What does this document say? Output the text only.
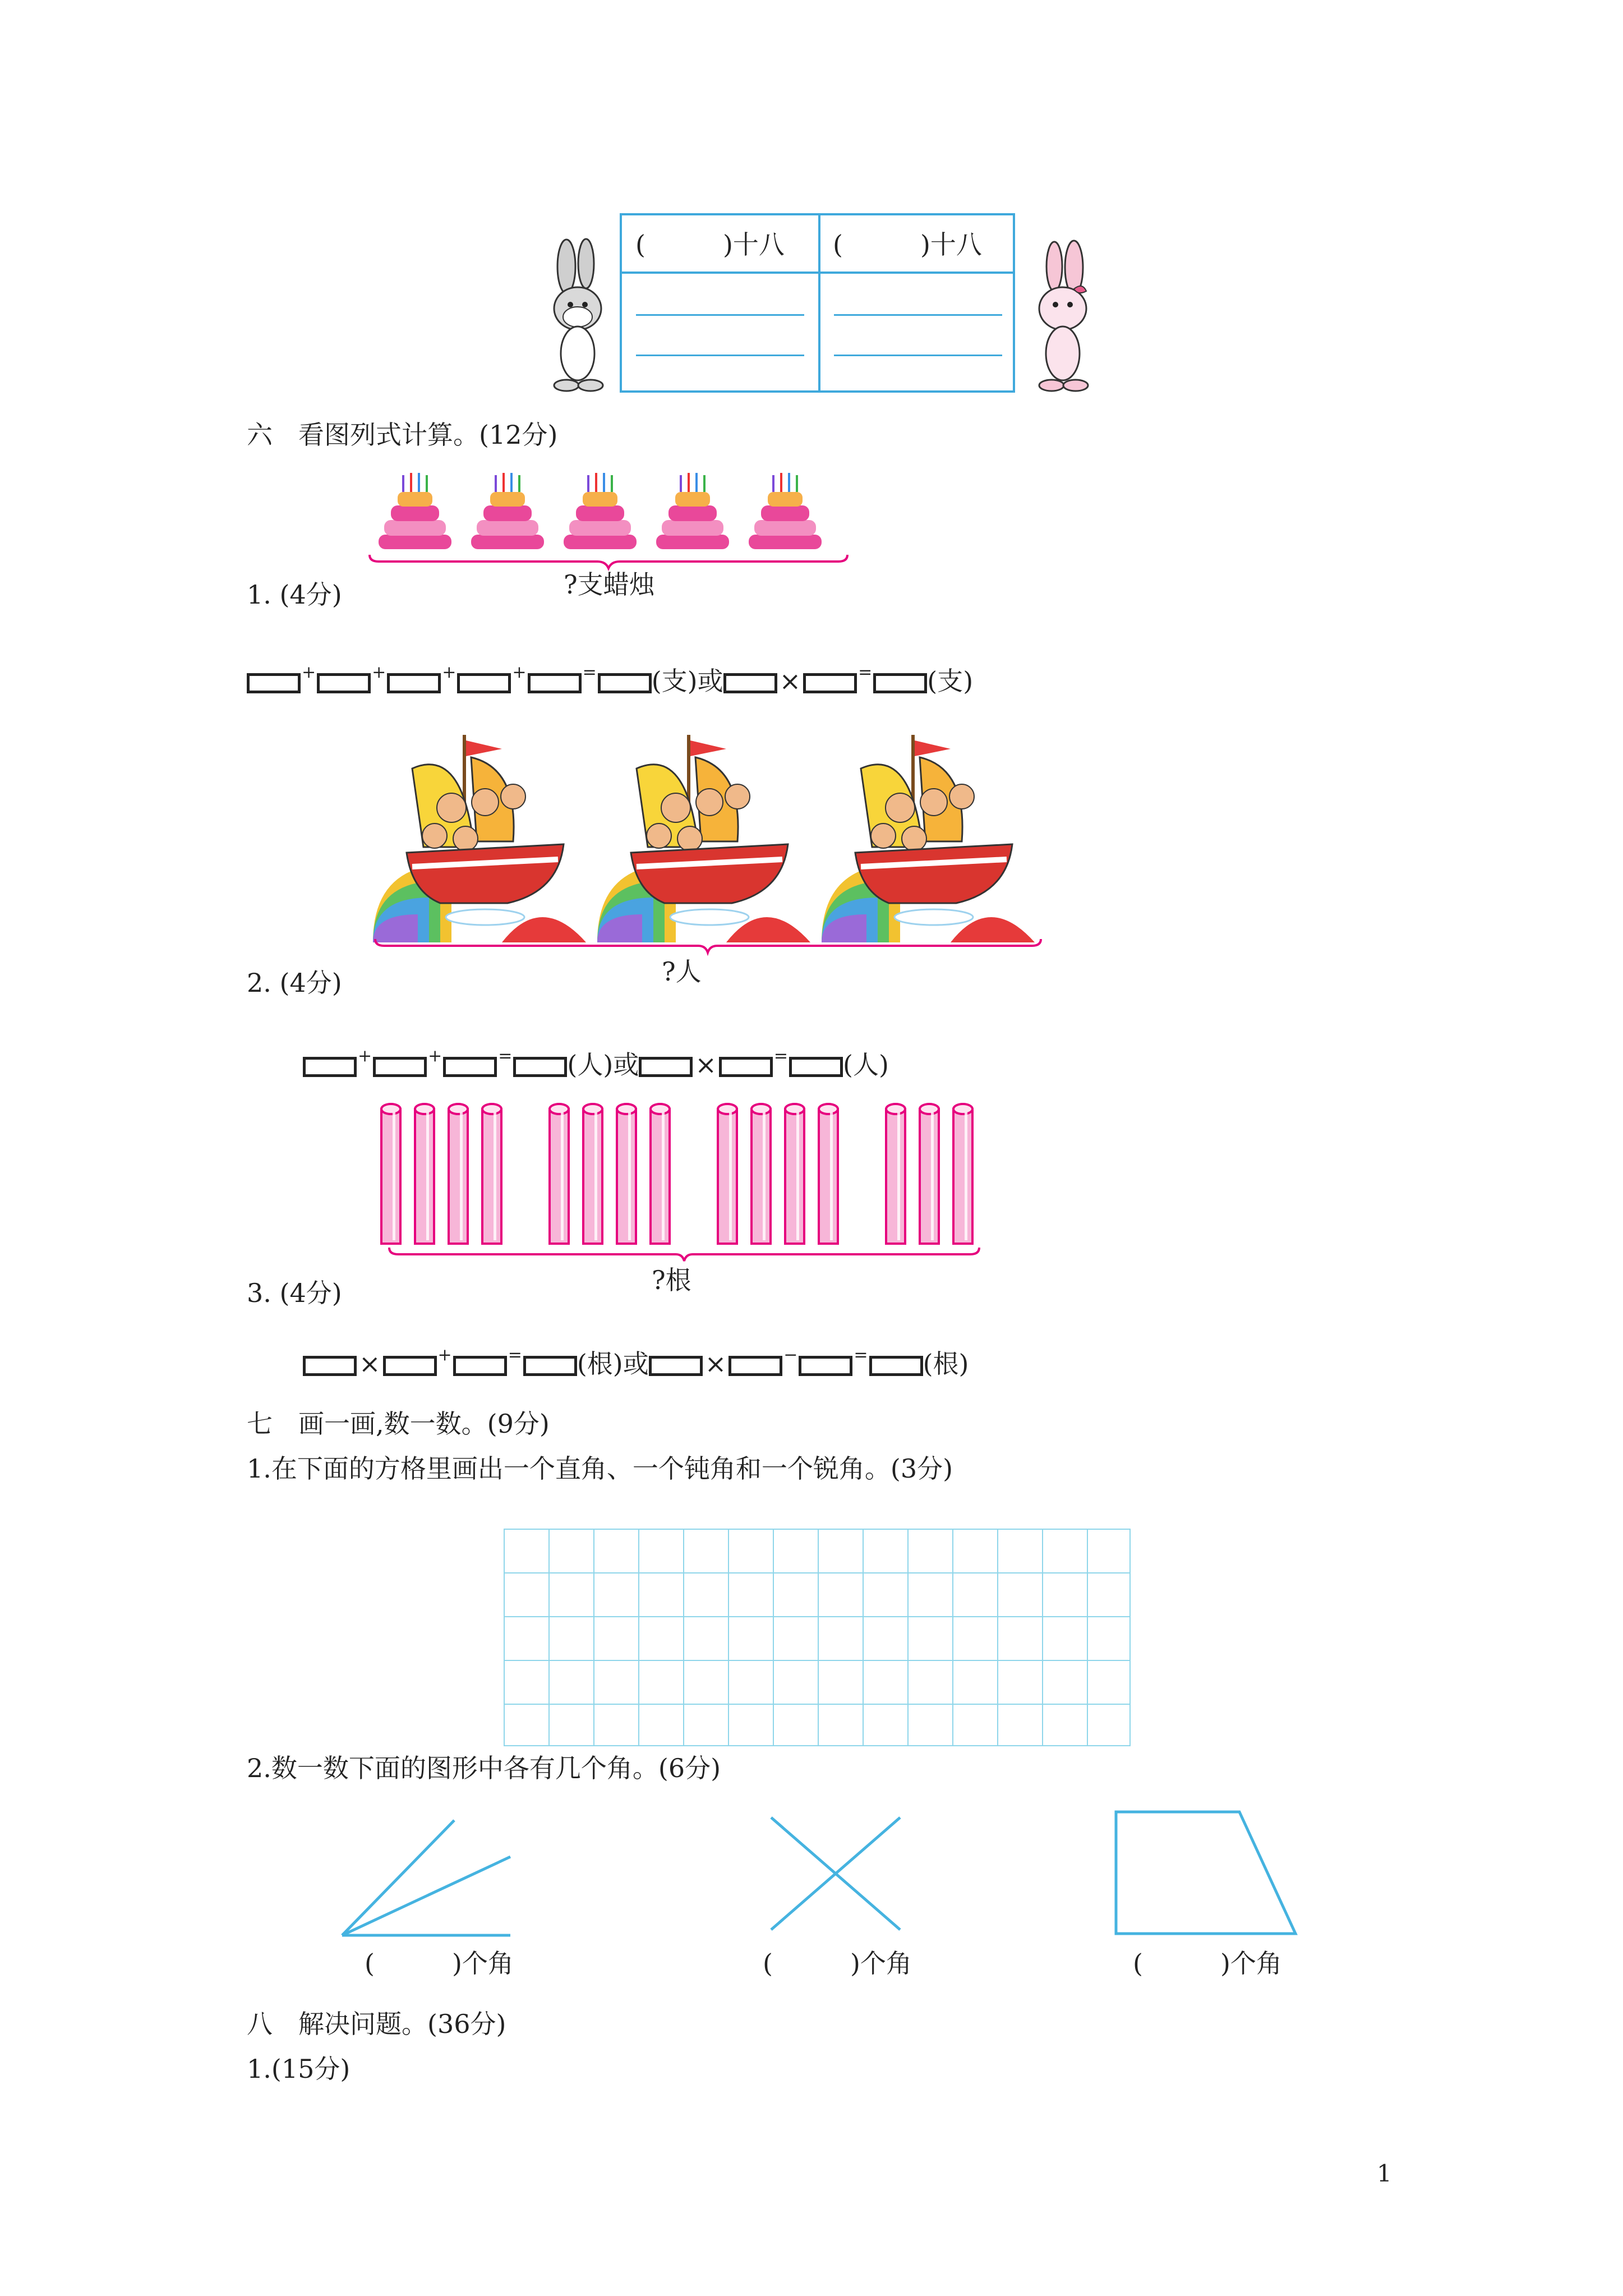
(　　　)十八 (　　　)十八
六　看图列式计算。(12分)
?支蜡烛
1. (4分)
+	+	+	+	= (支)或 ×	= (支)
?人
2. (4分)
+	+	= (人)或 ×	= (人)
?根
3. (4分)
×	+	= (根)或 ×	−	= (根)
七　画一画,数一数。(9分)
1.在下面的方格里画出一个直角、一个钝角和一个锐角。(3分)
2.数一数下面的图形中各有几个角。(6分)
(　　　)个角	(　　　)个角	(　　　)个角
八　解决问题。(36分)
1.(15分)
1
